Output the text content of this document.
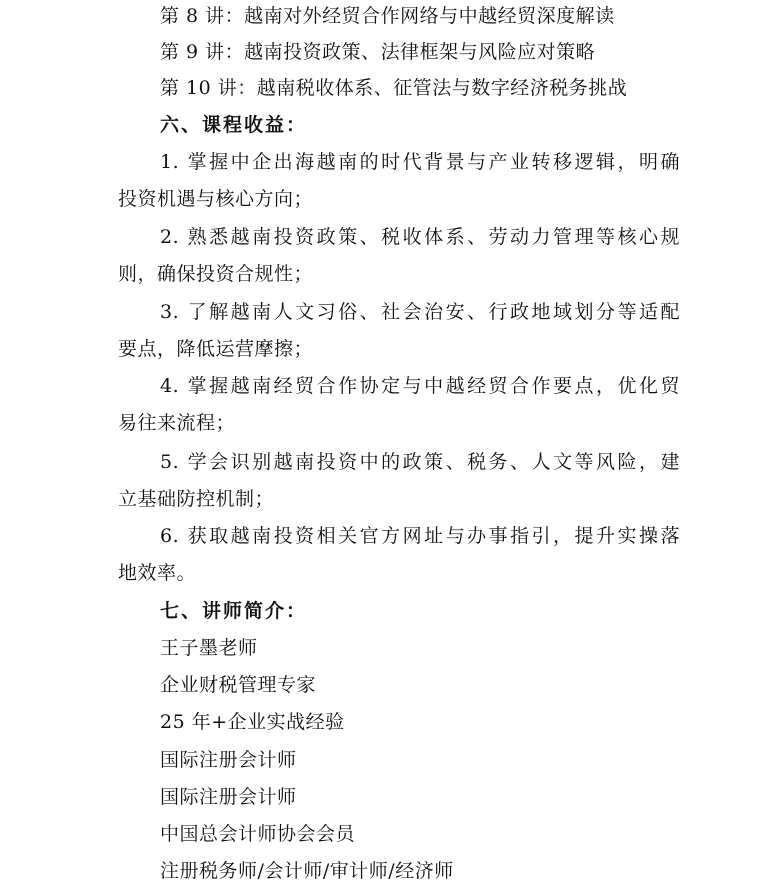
第 8 讲：越南对外经贸合作网络与中越经贸深度解读
第 9 讲：越南投资政策、法律框架与风险应对策略
第 10 讲：越南税收体系、征管法与数字经济税务挑战
六、课程收益：
1. 掌握中企出海越南的时代背景与产业转移逻辑，明确
投资机遇与核心方向；
2. 熟悉越南投资政策、税收体系、劳动力管理等核心规
则，确保投资合规性；
3. 了解越南人文习俗、社会治安、行政地域划分等适配
要点，降低运营摩擦；
4. 掌握越南经贸合作协定与中越经贸合作要点，优化贸
易往来流程；
5. 学会识别越南投资中的政策、税务、人文等风险，建
立基础防控机制；
6. 获取越南投资相关官方网址与办事指引，提升实操落
地效率。
七、讲师简介：
王子墨老师
企业财税管理专家
25 年+企业实战经验
国际注册会计师
国际注册会计师
中国总会计师协会会员
注册税务师/会计师/审计师/经济师
